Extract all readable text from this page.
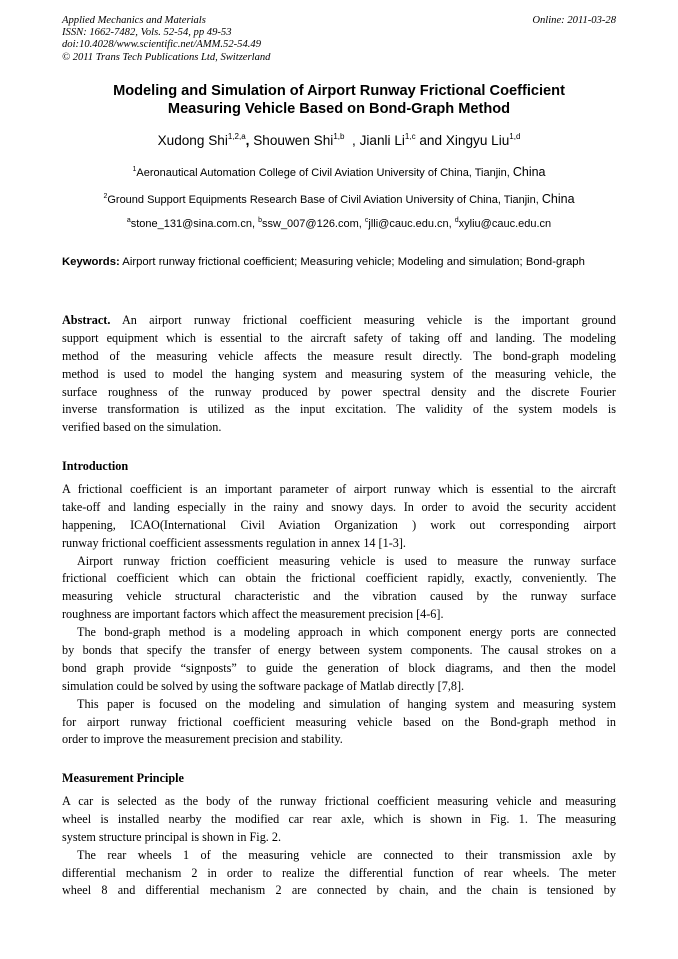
Applied Mechanics and Materials
ISSN: 1662-7482, Vols. 52-54, pp 49-53
doi:10.4028/www.scientific.net/AMM.52-54.49
© 2011 Trans Tech Publications Ltd, Switzerland
Online: 2011-03-28
Modeling and Simulation of Airport Runway Frictional Coefficient
Measuring Vehicle Based on Bond-Graph Method
Xudong Shi$^{1,2,a}$, Shouwen Shi$^{1,b}$  , Jianli Li$^{1,c}$ and Xingyu Liu$^{1,d}$
$^1$Aeronautical Automation College of Civil Aviation University of China, Tianjin, China
$^2$Ground Support Equipments Research Base of Civil Aviation University of China, Tianjin, China
$^a$stone_131@sina.com.cn, $^b$ssw_007@126.com, $^c$jlli@cauc.edu.cn, $^d$xyliu@cauc.edu.cn
Keywords: Airport runway frictional coefficient; Measuring vehicle; Modeling and simulation; Bond-graph
Abstract. An airport runway frictional coefficient measuring vehicle is the important ground
support equipment which is essential to the aircraft safety of taking off and landing. The modeling
method of the measuring vehicle affects the measure result directly. The bond-graph modeling
method is used to model the hanging system and measuring system of the measuring vehicle, the
surface roughness of the runway produced by power spectral density and the discrete Fourier
inverse transformation is utilized as the input excitation. The validity of the system models is
verified based on the simulation.
Introduction
A frictional coefficient is an important parameter of airport runway which is essential to the aircraft
take-off and landing especially in the rainy and snowy days. In order to avoid the security accident
happening, ICAO(International Civil Aviation Organization ) work out corresponding airport
runway frictional coefficient assessments regulation in annex 14 [1-3].
Airport runway friction coefficient measuring vehicle is used to measure the runway surface
frictional coefficient which can obtain the frictional coefficient rapidly, exactly, conveniently. The
measuring vehicle structural characteristic and the vibration caused by the runway surface
roughness are important factors which affect the measurement precision [4-6].
The bond-graph method is a modeling approach in which component energy ports are connected
by bonds that specify the transfer of energy between system components. The causal strokes on a
bond graph provide “signposts” to guide the generation of block diagrams, and then the model
simulation could be solved by using the software package of Matlab directly [7,8].
This paper is focused on the modeling and simulation of hanging system and measuring system
for airport runway frictional coefficient measuring vehicle based on the Bond-graph method in
order to improve the measurement precision and stability.
Measurement Principle
A car is selected as the body of the runway frictional coefficient measuring vehicle and measuring
wheel is installed nearby the modified car rear axle, which is shown in Fig. 1. The measuring
system structure principal is shown in Fig. 2.
The rear wheels 1 of the measuring vehicle are connected to their transmission axle by
differential mechanism 2 in order to realize the differential function of rear wheels. The meter
wheel 8 and differential mechanism 2 are connected by chain, and the chain is tensioned by
